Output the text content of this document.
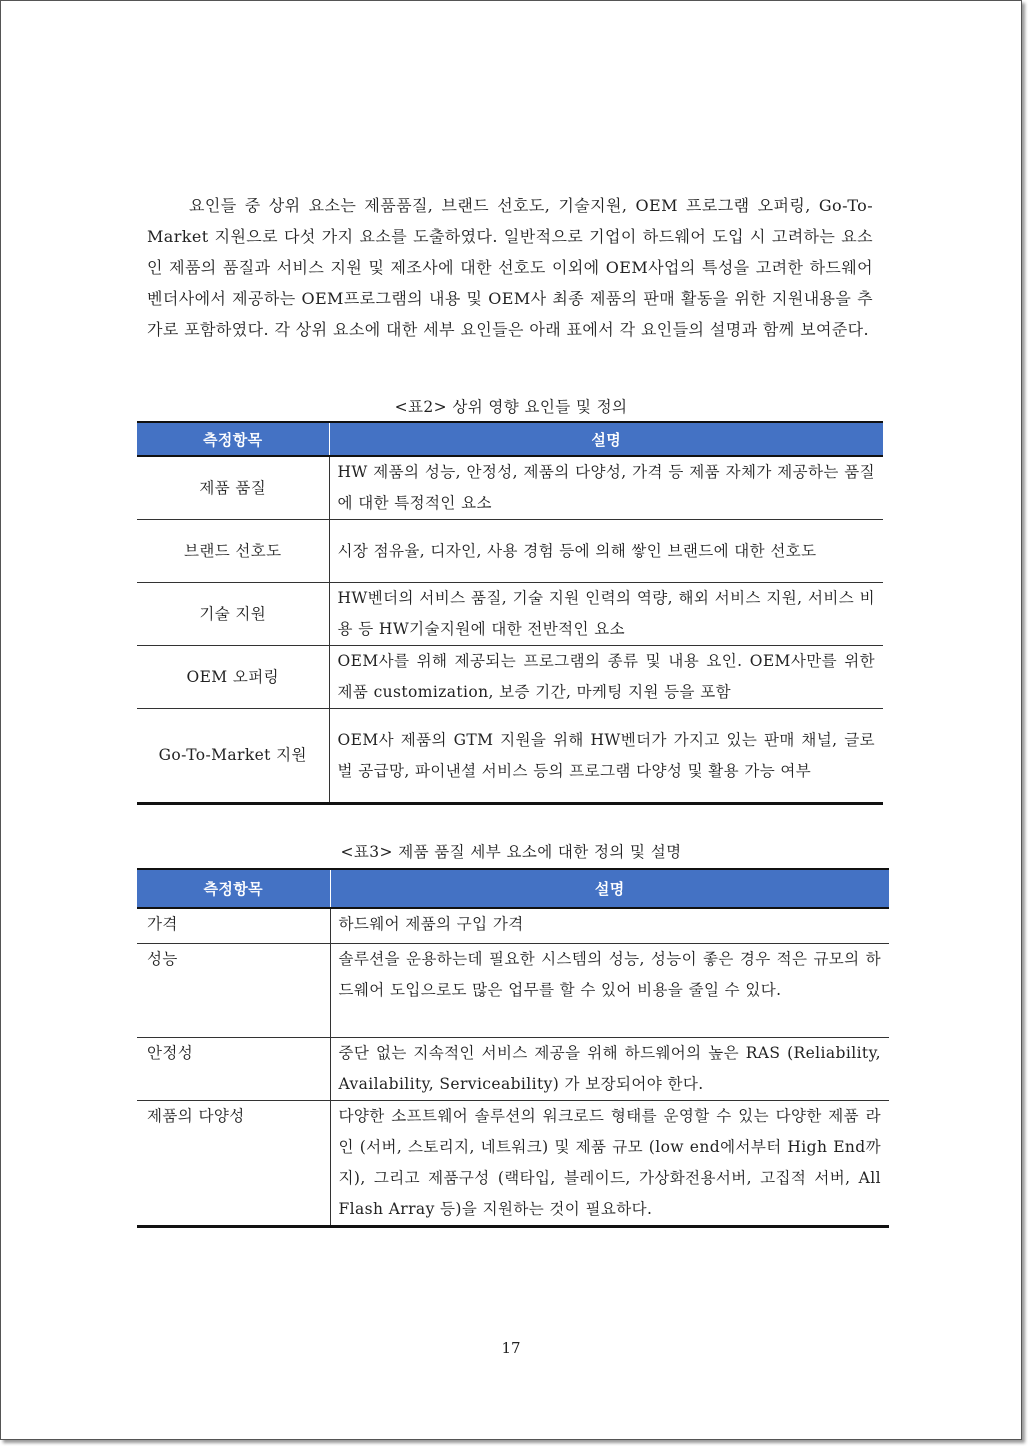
요인들 중 상위 요소는 제품품질, 브랜드 선호도, 기술지원, OEM 프로그램 오퍼링, Go-To-Market 지원으로 다섯 가지 요소를 도출하였다. 일반적으로 기업이 하드웨어 도입 시 고려하는 요소인 제품의 품질과 서비스 지원 및 제조사에 대한 선호도 이외에 OEM사업의 특성을 고려한 하드웨어 벤더사에서 제공하는 OEM프로그램의 내용 및 OEM사 최종 제품의 판매 활동을 위한 지원내용을 추가로 포함하였다. 각 상위 요소에 대한 세부 요인들은 아래 표에서 각 요인들의 설명과 함께 보여준다.

<표2> 상위 영향 요인들 및 정의
측정항목	설명
제품 품질	HW 제품의 성능, 안정성, 제품의 다양성, 가격 등 제품 자체가 제공하는 품질에 대한 특정적인 요소
브랜드 선호도	시장 점유율, 디자인, 사용 경험 등에 의해 쌓인 브랜드에 대한 선호도
기술 지원	HW벤더의 서비스 품질, 기술 지원 인력의 역량, 해외 서비스 지원, 서비스 비용 등 HW기술지원에 대한 전반적인 요소
OEM 오퍼링	OEM사를 위해 제공되는 프로그램의 종류 및 내용 요인. OEM사만를 위한 제품 customization, 보증 기간, 마케팅 지원 등을 포함
Go-To-Market 지원	OEM사 제품의 GTM 지원을 위해 HW벤더가 가지고 있는 판매 채널, 글로벌 공급망, 파이낸셜 서비스 등의 프로그램 다양성 및 활용 가능 여부
<표3> 제품 품질 세부 요소에 대한 정의 및 설명
측정항목	설명
가격	하드웨어 제품의 구입 가격
성능	솔루션을 운용하는데 필요한 시스템의 성능, 성능이 좋은 경우 적은 규모의 하드웨어 도입으로도 많은 업무를 할 수 있어 비용을 줄일 수 있다.
안정성	중단 없는 지속적인 서비스 제공을 위해 하드웨어의 높은 RAS (Reliability, Availability, Serviceability) 가 보장되어야 한다.
제품의 다양성	다양한 소프트웨어 솔루션의 워크로드 형태를 운영할 수 있는 다양한 제품 라인 (서버, 스토리지, 네트워크) 및 제품 규모 (low end에서부터 High End까지), 그리고 제품구성 (랙타입, 블레이드, 가상화전용서버, 고집적 서버, All Flash Array 등)을 지원하는 것이 필요하다.
17
